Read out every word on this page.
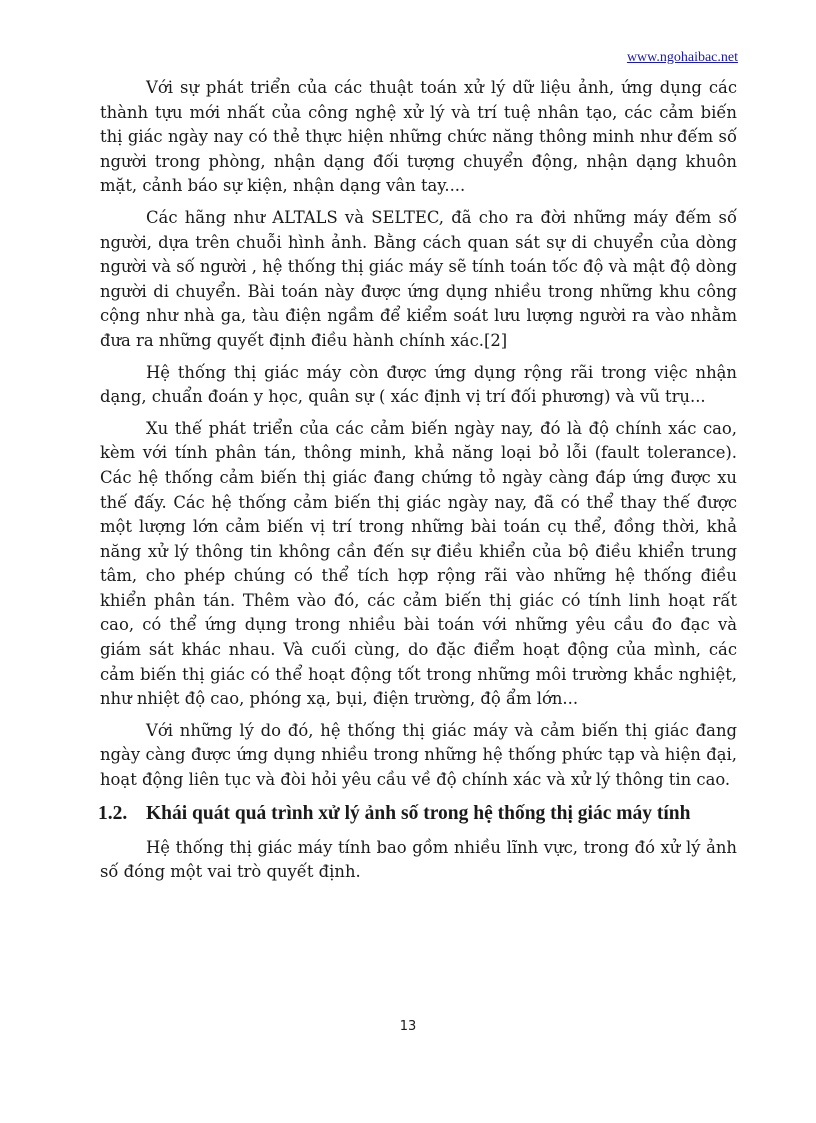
www.ngohaibac.net

Với sự phát triển của các thuật toán xử lý dữ liệu ảnh, ứng dụng các thành tựu mới nhất của công nghệ xử lý và trí tuệ nhân tạo, các cảm biến thị giác ngày nay có thẻ thực hiện những chức năng thông minh như đếm số người trong phòng, nhận dạng đối tượng chuyển động, nhận dạng khuôn mặt, cảnh báo sự kiện, nhận dạng vân tay....

Các hãng như ALTALS và SELTEC, đã cho ra đời những máy đếm số người, dựa trên chuỗi hình ảnh. Bằng cách quan sát sự di chuyển của dòng người và số người , hệ thống thị giác máy sẽ tính toán tốc độ và mật độ dòng người di chuyển. Bài toán này được ứng dụng nhiều trong những khu công cộng như nhà ga, tàu điện ngầm để kiểm soát lưu lượng người ra vào nhằm đưa ra những quyết định điều hành chính xác.[2]

Hệ thống thị giác máy còn được ứng dụng rộng rãi trong việc nhận dạng, chuẩn đoán y học, quân sự ( xác định vị trí đối phương) và vũ trụ...

Xu thế phát triển của các cảm biến ngày nay, đó là độ chính xác cao, kèm với tính phân tán, thông minh, khả năng loại bỏ lỗi (fault tolerance). Các hệ thống cảm biến thị giác đang chứng tỏ ngày càng đáp ứng được xu thế đấy. Các hệ thống cảm biến thị giác ngày nay, đã có thể thay thế được một lượng lớn cảm biến vị trí trong những bài toán cụ thể, đồng thời, khả năng xử lý thông tin không cần đến sự điều khiển của bộ điều khiển trung tâm, cho phép chúng có thể tích hợp rộng rãi vào những hệ thống điều khiển phân tán. Thêm vào đó, các cảm biến thị giác có tính linh hoạt rất cao, có thể ứng dụng trong nhiều bài toán với những yêu cầu đo đạc và giám sát khác nhau. Và cuối cùng, do đặc điểm hoạt động của mình, các cảm biến thị giác có thể hoạt động tốt trong những môi trường khắc nghiệt, như nhiệt độ cao, phóng xạ, bụi, điện trường, độ ẩm lớn...

Với những lý do đó, hệ thống thị giác máy và cảm biến thị giác đang ngày càng được ứng dụng nhiều trong những hệ thống phức tạp và hiện đại, hoạt động liên tục và đòi hỏi yêu cầu về độ chính xác và xử lý thông tin cao.

1.2. Khái quát quá trình xử lý ảnh số trong hệ thống thị giác máy tính

Hệ thống thị giác máy tính bao gồm nhiều lĩnh vực, trong đó xử lý ảnh số đóng một vai trò quyết định.

13
